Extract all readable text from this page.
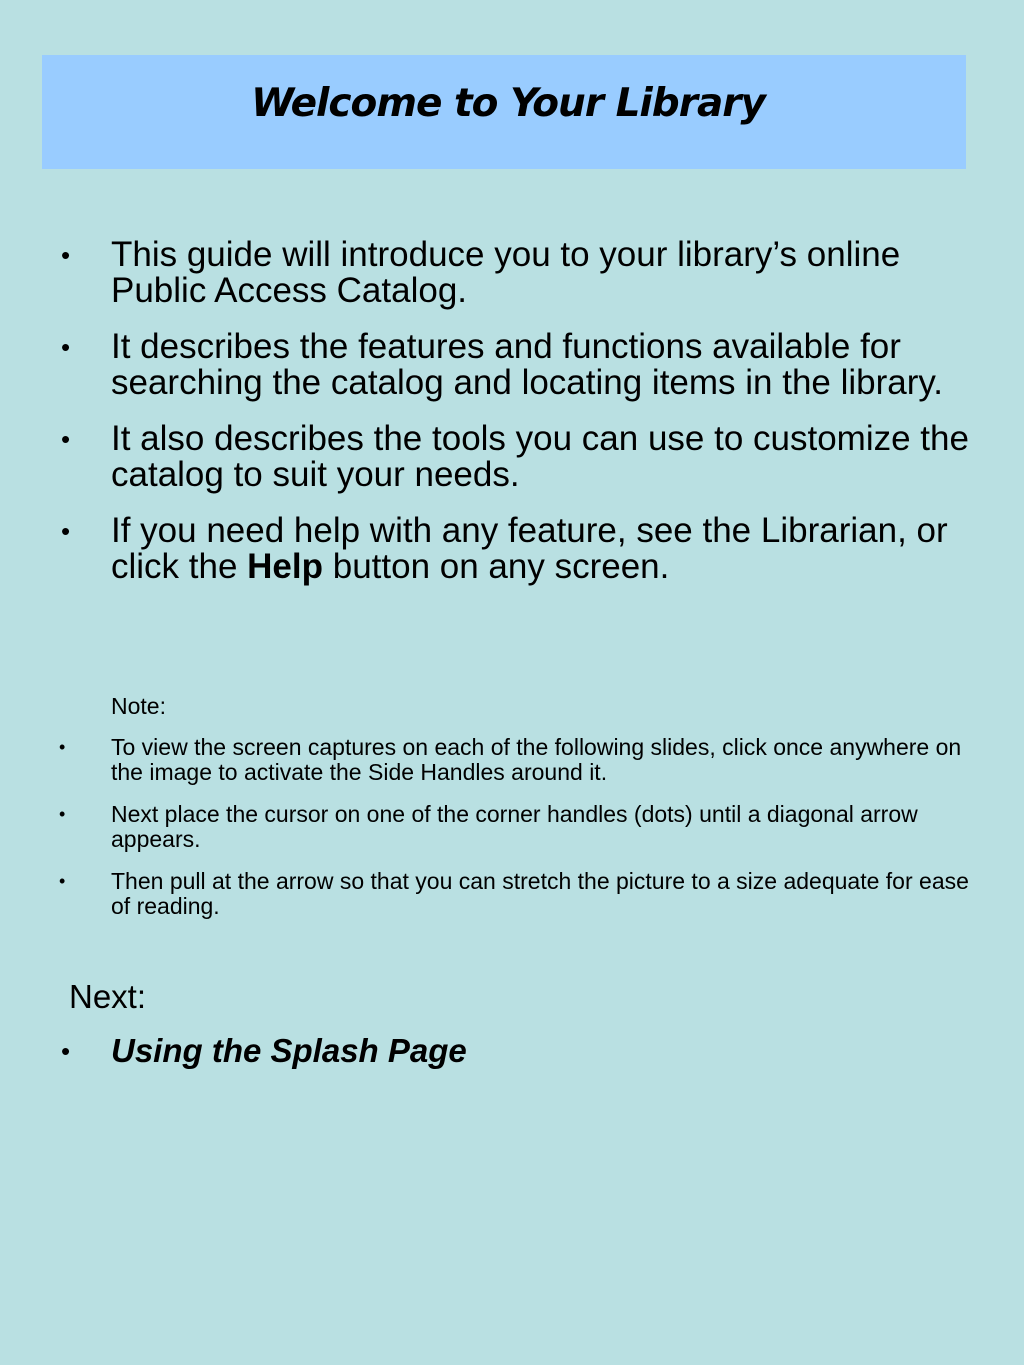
Welcome to Your Library
• This guide will introduce you to your library’s online Public Access Catalog.
• It describes the features and functions available for searching the catalog and locating items in the library.
• It also describes the tools you can use to customize the catalog to suit your needs.
• If you need help with any feature, see the Librarian, or click the Help button on any screen.
Note:
• To view the screen captures on each of the following slides, click once anywhere on the image to activate the Side Handles around it.
• Next place the cursor on one of the corner handles (dots) until a diagonal arrow appears.
• Then pull at the arrow so that you can stretch the picture to a size adequate for ease of reading.
Next:
• Using the Splash Page
